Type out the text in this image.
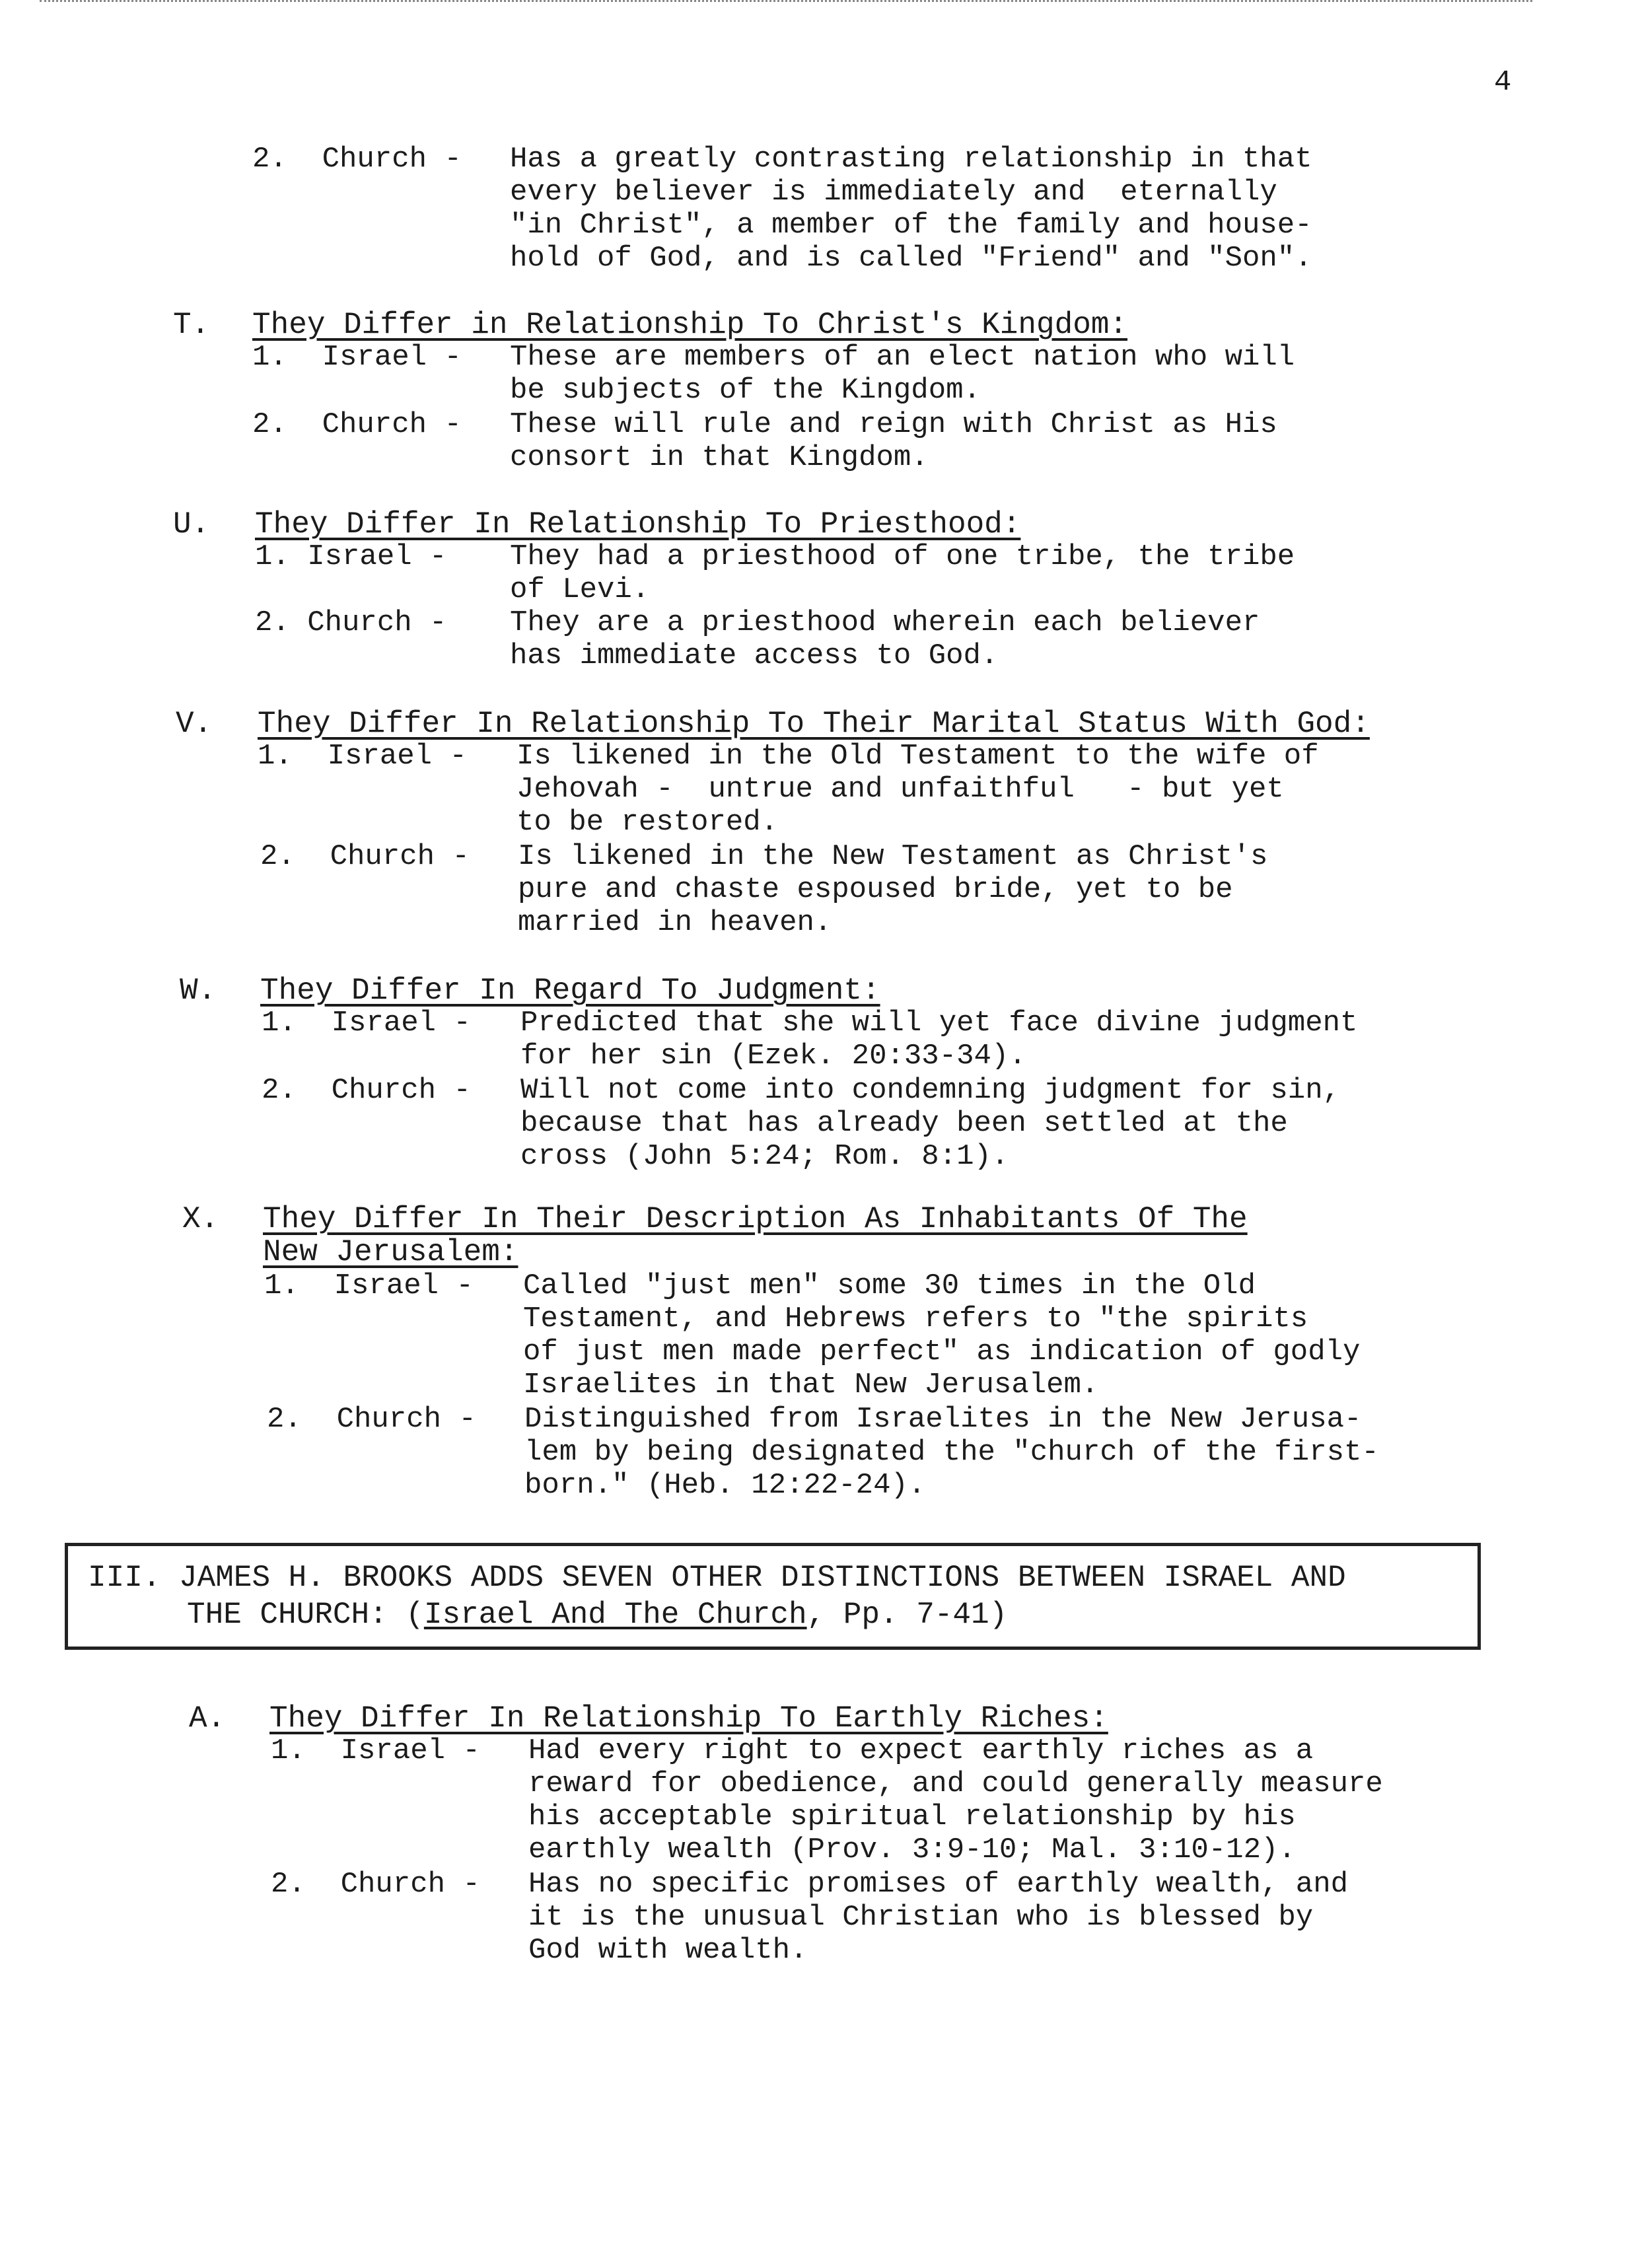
4
2.  Church - Has a greatly contrasting relationship in that
every believer is immediately and  eternally
"in Christ", a member of the family and house-
hold of God, and is called "Friend" and "Son".
T. They Differ in Relationship To Christ's Kingdom:
1.  Israel - These are members of an elect nation who will
be subjects of the Kingdom.
2.  Church - These will rule and reign with Christ as His
consort in that Kingdom.
U. They Differ In Relationship To Priesthood:
1. Israel - They had a priesthood of one tribe, the tribe
of Levi.
2. Church - They are a priesthood wherein each believer
has immediate access to God.
V. They Differ In Relationship To Their Marital Status With God:
1.  Israel - Is likened in the Old Testament to the wife of
Jehovah -  untrue and unfaithful   - but yet
to be restored.
2.  Church - Is likened in the New Testament as Christ's
pure and chaste espoused bride, yet to be
married in heaven.
W. They Differ In Regard To Judgment:
1.  Israel - Predicted that she will yet face divine judgment
for her sin (Ezek. 20:33-34).
2.  Church - Will not come into condemning judgment for sin,
because that has already been settled at the
cross (John 5:24; Rom. 8:1).
X. They Differ In Their Description As Inhabitants Of The
New Jerusalem:
1.  Israel - Called "just men" some 30 times in the Old
Testament, and Hebrews refers to "the spirits
of just men made perfect" as indication of godly
Israelites in that New Jerusalem.
2.  Church - Distinguished from Israelites in the New Jerusa-
lem by being designated the "church of the first-
born." (Heb. 12:22-24).
III. JAMES H. BROOKS ADDS SEVEN OTHER DISTINCTIONS BETWEEN ISRAEL AND
THE CHURCH: (Israel And The Church, Pp. 7-41)
A. They Differ In Relationship To Earthly Riches:
1.  Israel - Had every right to expect earthly riches as a
reward for obedience, and could generally measure
his acceptable spiritual relationship by his
earthly wealth (Prov. 3:9-10; Mal. 3:10-12).
2.  Church - Has no specific promises of earthly wealth, and
it is the unusual Christian who is blessed by
God with wealth.
